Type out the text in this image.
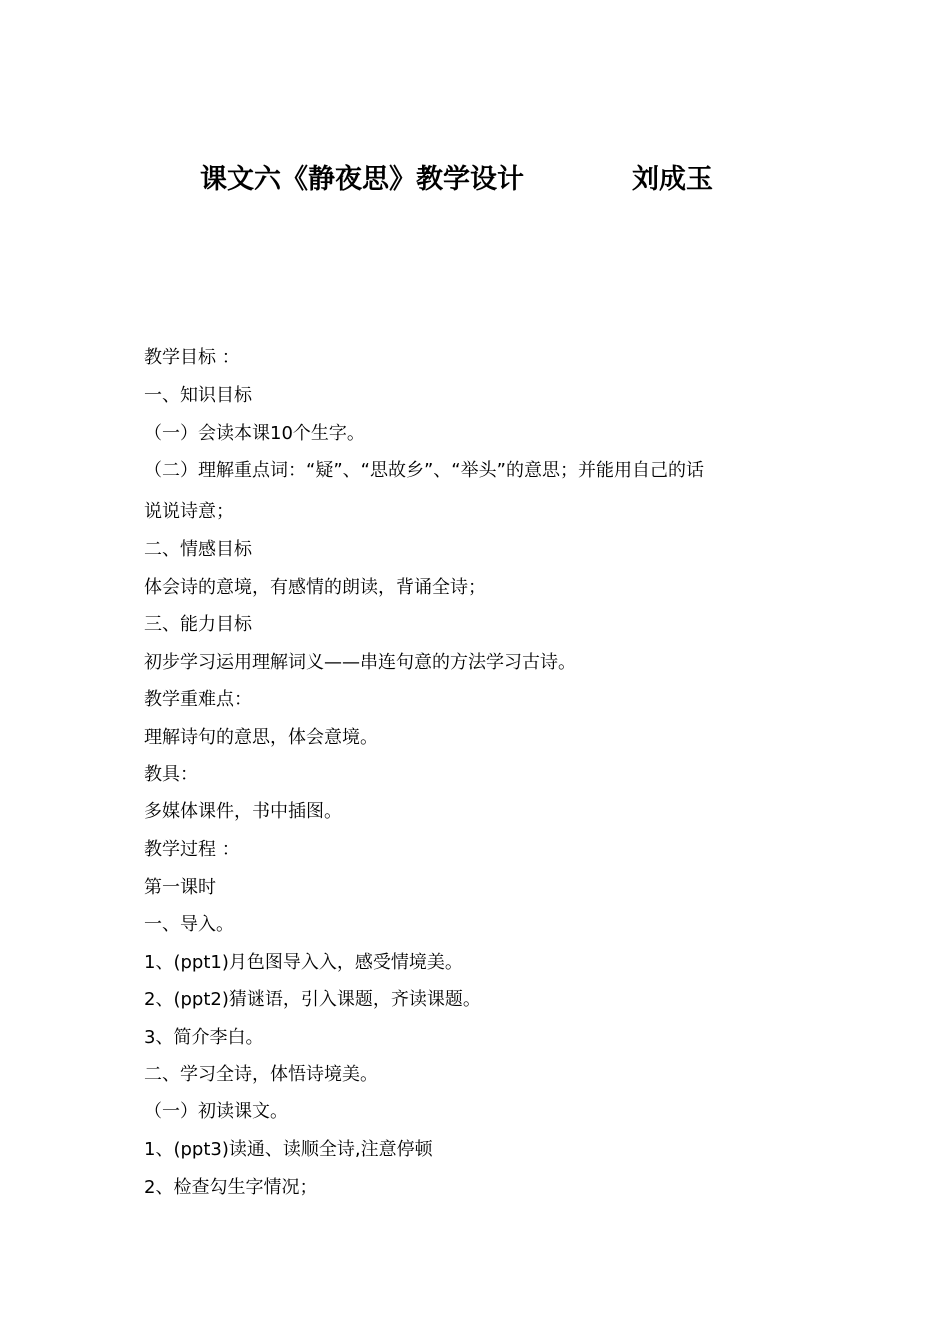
课文六《静夜思》教学设计	刘成玉
教学目标 ：
一、知识目标
（一）会读本课10个生字。
（二）理解重点词：“疑”、“思故乡”、“举头”的意思；并能用自己的话
说说诗意；
二、情感目标
体会诗的意境，有感情的朗读，背诵全诗；
三、能力目标
初步学习运用理解词义——串连句意的方法学习古诗。
教学重难点：
理解诗句的意思，体会意境。
教具：
多媒体课件，书中插图。
教学过程 ：
第一课时
一、导入。
1、(ppt1)月色图导入入，感受情境美。
2、(ppt2)猜谜语，引入课题，齐读课题。
3、简介李白。
二、学习全诗，体悟诗境美。
（一）初读课文。
1、(ppt3)读通、读顺全诗,注意停顿
2、检查勾生字情况；
